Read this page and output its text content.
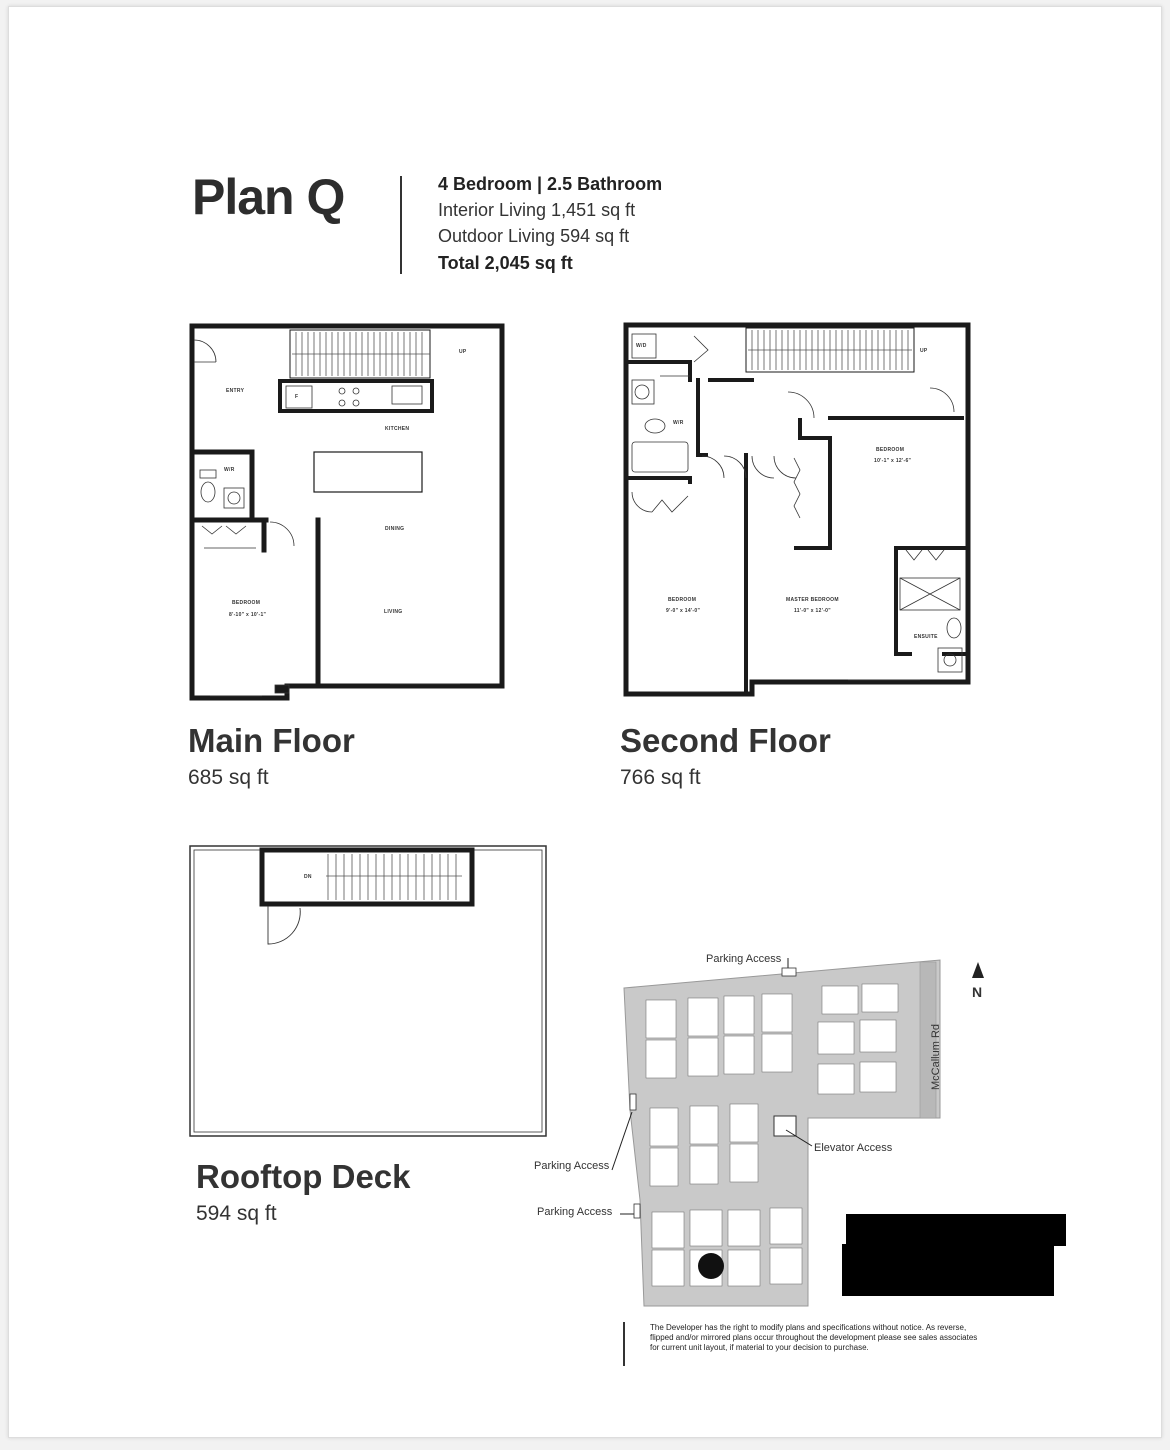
Plan Q	4 Bedroom | 2.5 Bathroom
Interior Living 1,451 sq ft
Outdoor Living 594 sq ft
Total 2,045 sq ft
ENTRY
KITCHEN
F
UP
W/R
DINING
LIVING
BEDROOM
8'-10" x 10'-1"
Main Floor
685 sq ft
W/D
W/R
UP
BEDROOM
10'-1" x 12'-6"
BEDROOM
9'-0" x 14'-0"
MASTER BEDROOM
11'-0" x 12'-0"
ENSUITE
Second Floor
766 sq ft
DN
Rooftop Deck
594 sq ft
Parking Access
Parking Access
Parking Access
Elevator Access
McCallum Rd
N
The Developer has the right to modify plans and specifications without notice. As reverse, flipped and/or mirrored plans occur throughout the development please see sales associates for current unit layout, if material to your decision to purchase.
